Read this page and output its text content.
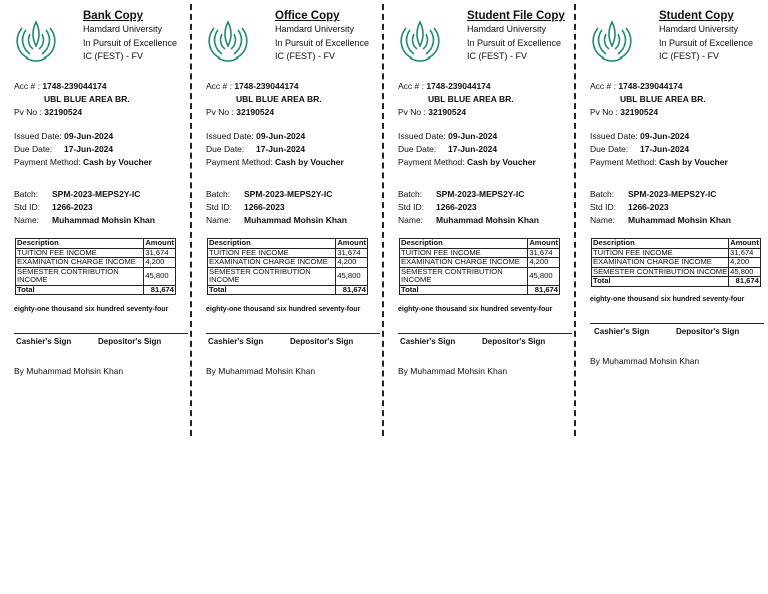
Bank Copy
Hamdard University
In Pursuit of Excellence
IC (FEST) - FV
Acc # : 1748-239044174
UBL BLUE AREA BR.
Pv No : 32190524
Issued Date: 09-Jun-2024
Due Date: 17-Jun-2024
Payment Method: Cash by Voucher
Batch: SPM-2023-MEPS2Y-IC
Std ID: 1266-2023
Name: Muhammad Mohsin Khan
Description	Amount
TUITION FEE INCOME	31,674
EXAMINATION CHARGE INCOME	4,200
SEMESTER CONTRIBUTION INCOME	45,800
Total	81,674
eighty-one thousand six hundred seventy-four
Cashier's Sign	Depositor's Sign
By Muhammad Mohsin Khan
Office Copy
Hamdard University
In Pursuit of Excellence
IC (FEST) - FV
Acc # : 1748-239044174
UBL BLUE AREA BR.
Pv No : 32190524
Issued Date: 09-Jun-2024
Due Date: 17-Jun-2024
Payment Method: Cash by Voucher
Batch: SPM-2023-MEPS2Y-IC
Std ID: 1266-2023
Name: Muhammad Mohsin Khan
Description	Amount
TUITION FEE INCOME	31,674
EXAMINATION CHARGE INCOME	4,200
SEMESTER CONTRIBUTION INCOME	45,800
Total	81,674
eighty-one thousand six hundred seventy-four
Cashier's Sign	Depositor's Sign
By Muhammad Mohsin Khan
Student File Copy
Hamdard University
In Pursuit of Excellence
IC (FEST) - FV
Acc # : 1748-239044174
UBL BLUE AREA BR.
Pv No : 32190524
Issued Date: 09-Jun-2024
Due Date: 17-Jun-2024
Payment Method: Cash by Voucher
Batch: SPM-2023-MEPS2Y-IC
Std ID: 1266-2023
Name: Muhammad Mohsin Khan
Description	Amount
TUITION FEE INCOME	31,674
EXAMINATION CHARGE INCOME	4,200
SEMESTER CONTRIBUTION INCOME	45,800
Total	81,674
eighty-one thousand six hundred seventy-four
Cashier's Sign	Depositor's Sign
By Muhammad Mohsin Khan
Student Copy
Hamdard University
In Pursuit of Excellence
IC (FEST) - FV
Acc # : 1748-239044174
UBL BLUE AREA BR.
Pv No : 32190524
Issued Date: 09-Jun-2024
Due Date: 17-Jun-2024
Payment Method: Cash by Voucher
Batch: SPM-2023-MEPS2Y-IC
Std ID: 1266-2023
Name: Muhammad Mohsin Khan
Description	Amount
TUITION FEE INCOME	31,674
EXAMINATION CHARGE INCOME	4,200
SEMESTER CONTRIBUTION INCOME	45,800
Total	81,674
eighty-one thousand six hundred seventy-four
Cashier's Sign	Depositor's Sign
By Muhammad Mohsin Khan
